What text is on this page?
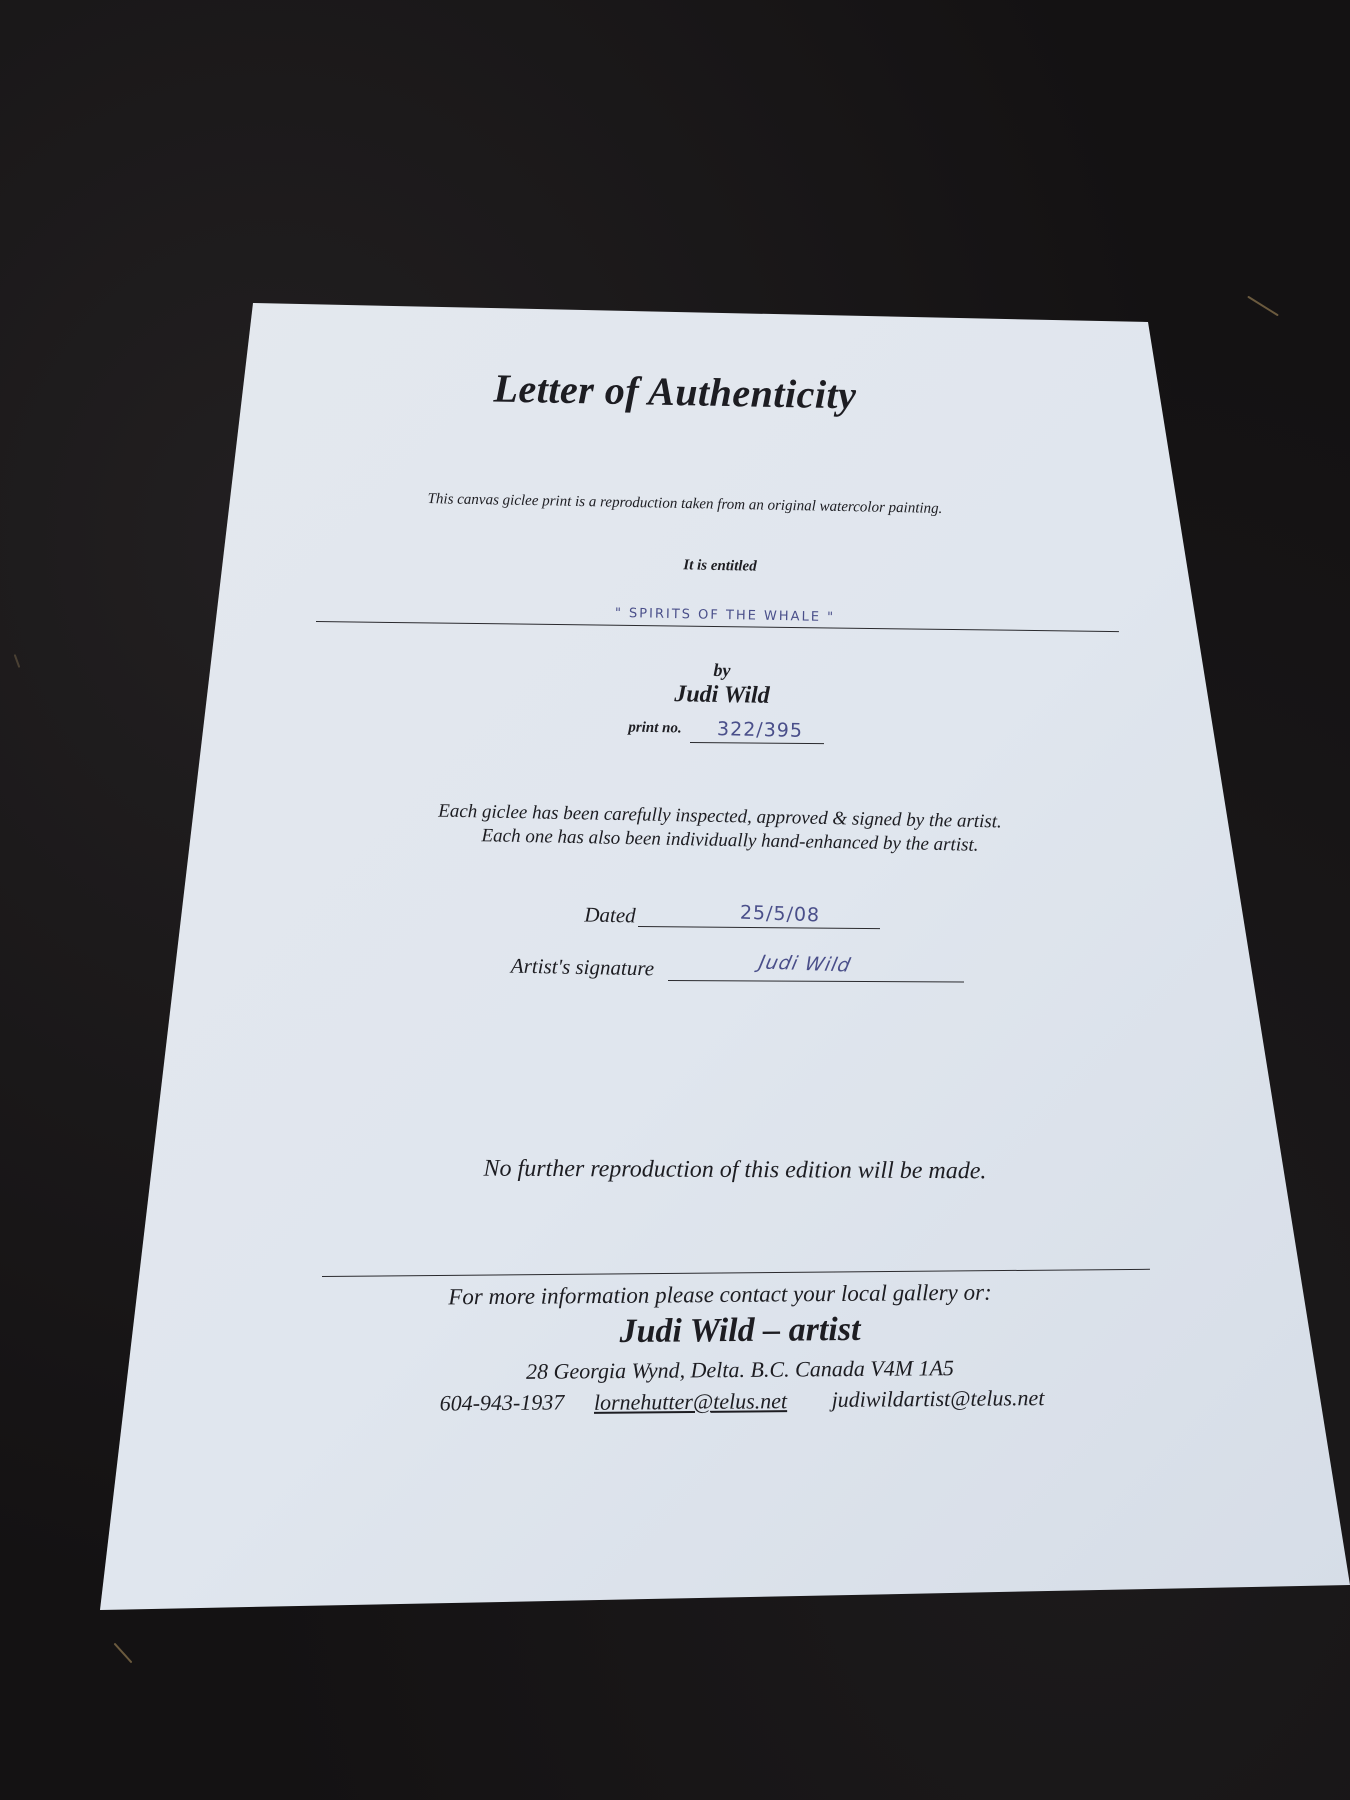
Letter of Authenticity
This canvas giclee print is a reproduction taken from an original watercolor painting.
It is entitled
" SPIRITS OF THE WHALE "
by
Judi Wild
print no.	322/395
Each giclee has been carefully inspected, approved & signed by the artist.
Each one has also been individually hand-enhanced by the artist.
Dated	25/5/08
Artist's signature	Judi Wild
No further reproduction of this edition will be made.
For more information please contact your local gallery or:
Judi Wild – artist
28 Georgia Wynd, Delta. B.C. Canada V4M 1A5
604-943-1937	lornehutter@telus.net	judiwildartist@telus.net
